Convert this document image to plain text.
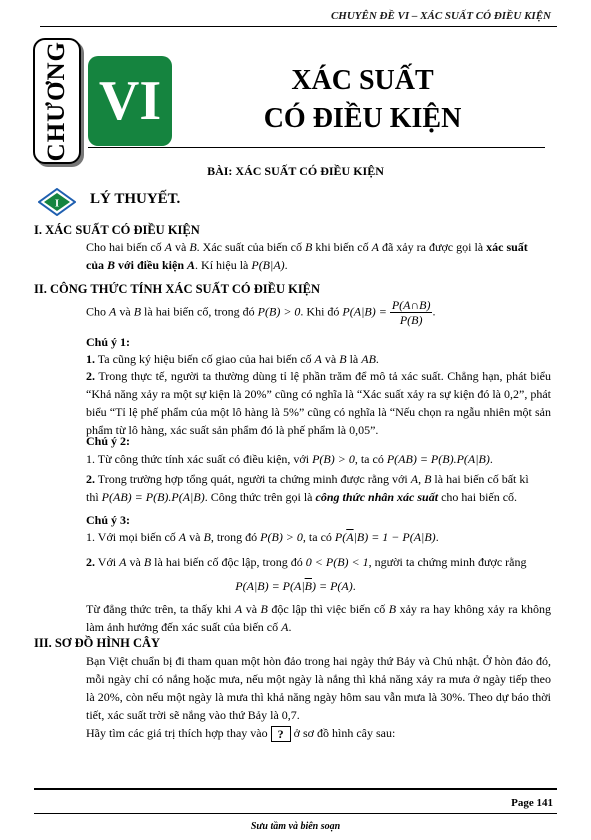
CHUYÊN ĐỀ VI – XÁC SUẤT CÓ ĐIỀU KIỆN
CHƯƠNG VI	XÁC SUẤT
CÓ ĐIỀU KIỆN
BÀI: XÁC SUẤT CÓ ĐIỀU KIỆN
I LÝ THUYẾT.
I. XÁC SUẤT CÓ ĐIỀU KIỆN
Cho hai biến cố A và B. Xác suất của biến cố B khi biến cố A đã xảy ra được gọi là xác suất
của B với điều kiện A. Kí hiệu là P(B|A).
II. CÔNG THỨC TÍNH XÁC SUẤT CÓ ĐIỀU KIỆN
Cho A và B là hai biến cố, trong đó P(B) > 0. Khi đó $P(A|B) = \frac{P(A\cap B)}{P(B)}$ .
Chú ý 1:
1. Ta cũng ký hiệu biến cố giao của hai biến cố A và B là AB.
2. Trong thực tế, người ta thường dùng tỉ lệ phần trăm để mô tả xác suất. Chẳng hạn, phát biểu “Khả năng xảy ra một sự kiện là 20%” cũng có nghĩa là “Xác suất xảy ra sự kiện đó là 0,2”, phát biểu “Tỉ lệ phế phẩm của một lô hàng là 5%” cũng có nghĩa là “Nếu chọn ra ngẫu nhiên một sản phẩm từ lô hàng, xác suất sản phẩm đó là phế phẩm là 0,05”.
Chú ý 2:
1. Từ công thức tính xác suất có điều kiện, với P(B) > 0, ta có P(AB) = P(B).P(A|B).
2. Trong trường hợp tổng quát, người ta chứng minh được rằng với A, B là hai biến cố bất kì
thì P(AB) = P(B).P(A|B). Công thức trên gọi là công thức nhân xác suất cho hai biến cố.
Chú ý 3:
1. Với mọi biến cố A và B, trong đó P(B) > 0, ta có $P(\overline{A}|B) = 1 - P(A|B)$.
2. Với A và B là hai biến cố độc lập, trong đó 0 < P(B) < 1, người ta chứng minh được rằng
$P(A|B) = P(A|\overline{B}) = P(A)$.
Từ đẳng thức trên, ta thấy khi A và B độc lập thì việc biến cố B xảy ra hay không xảy ra không làm ảnh hưởng đến xác suất của biến cố A.
III. SƠ ĐỒ HÌNH CÂY
Bạn Việt chuẩn bị đi tham quan một hòn đảo trong hai ngày thứ Bảy và Chủ nhật. Ở hòn đảo đó, mỗi ngày chỉ có nắng hoặc mưa, nếu một ngày là nắng thì khả năng xảy ra mưa ở ngày tiếp theo là 20%, còn nếu một ngày là mưa thì khả năng ngày hôm sau vẫn mưa là 30%. Theo dự báo thời tiết, xác suất trời sẽ nắng vào thứ Bảy là 0,7.
Hãy tìm các giá trị thích hợp thay vào ? ở sơ đồ hình cây sau:
Page 141
Sưu tầm và biên soạn
